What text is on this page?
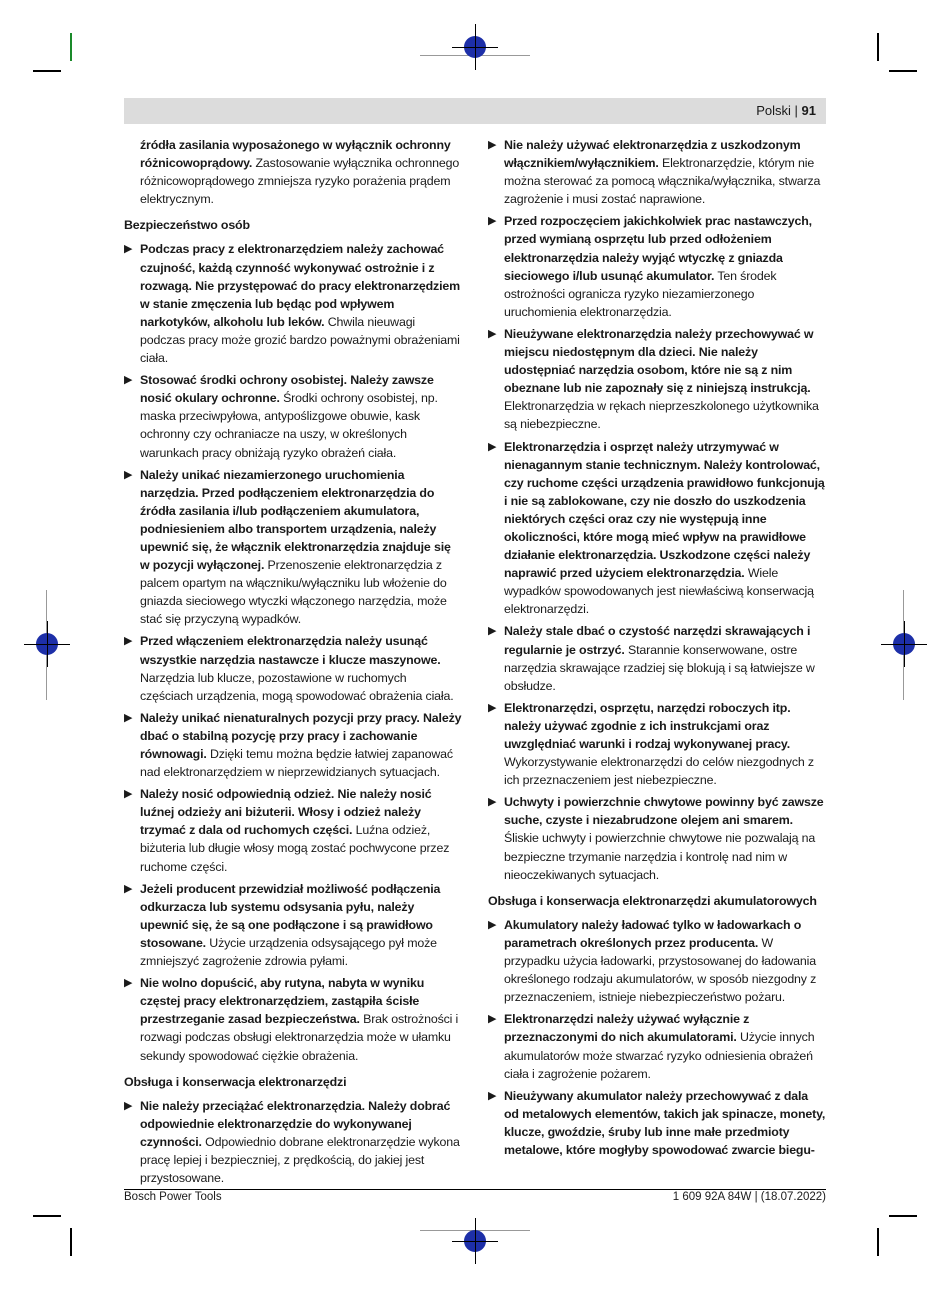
Polski | 91
źródła zasilania wyposażonego w wyłącznik ochronny różnicowoprądowy. Zastosowanie wyłącznika ochronnego różnicowoprądowego zmniejsza ryzyko porażenia prądem elektrycznym.
Bezpieczeństwo osób
▶ Podczas pracy z elektronarzędziem należy zachować czujność, każdą czynność wykonywać ostrożnie i z rozwagą. Nie przystępować do pracy elektronarzędziem w stanie zmęczenia lub będąc pod wpływem narkotyków, alkoholu lub leków. Chwila nieuwagi podczas pracy może grozić bardzo poważnymi obrażeniami ciała.
▶ Stosować środki ochrony osobistej. Należy zawsze nosić okulary ochronne. Środki ochrony osobistej, np. maska przeciwpyłowa, antypoślizgowe obuwie, kask ochronny czy ochraniacze na uszy, w określonych warunkach pracy obniżają ryzyko obrażeń ciała.
▶ Należy unikać niezamierzonego uruchomienia narzędzia. Przed podłączeniem elektronarzędzia do źródła zasilania i/lub podłączeniem akumulatora, podniesieniem albo transportem urządzenia, należy upewnić się, że włącznik elektronarzędzia znajduje się w pozycji wyłączonej. Przenoszenie elektronarzędzia z palcem opartym na włączniku/wyłączniku lub włożenie do gniazda sieciowego wtyczki włączonego narzędzia, może stać się przyczyną wypadków.
▶ Przed włączeniem elektronarzędzia należy usunąć wszystkie narzędzia nastawcze i klucze maszynowe. Narzędzia lub klucze, pozostawione w ruchomych częściach urządzenia, mogą spowodować obrażenia ciała.
▶ Należy unikać nienaturalnych pozycji przy pracy. Należy dbać o stabilną pozycję przy pracy i zachowanie równowagi. Dzięki temu można będzie łatwiej zapanować nad elektronarzędziem w nieprzewidzianych sytuacjach.
▶ Należy nosić odpowiednią odzież. Nie należy nosić luźnej odzieży ani biżuterii. Włosy i odzież należy trzymać z dala od ruchomych części. Luźna odzież, biżuteria lub długie włosy mogą zostać pochwycone przez ruchome części.
▶ Jeżeli producent przewidział możliwość podłączenia odkurzacza lub systemu odsysania pyłu, należy upewnić się, że są one podłączone i są prawidłowo stosowane. Użycie urządzenia odsysającego pył może zmniejszyć zagrożenie zdrowia pyłami.
▶ Nie wolno dopuścić, aby rutyna, nabyta w wyniku częstej pracy elektronarzędziem, zastąpiła ścisłe przestrzeganie zasad bezpieczeństwa. Brak ostrożności i rozwagi podczas obsługi elektronarzędzia może w ułamku sekundy spowodować ciężkie obrażenia.
Obsługa i konserwacja elektronarzędzi
▶ Nie należy przeciążać elektronarzędzia. Należy dobrać odpowiednie elektronarzędzie do wykonywanej czynności. Odpowiednio dobrane elektronarzędzie wykona pracę lepiej i bezpieczniej, z prędkością, do jakiej jest przystosowane.
▶ Nie należy używać elektronarzędzia z uszkodzonym włącznikiem/wyłącznikiem. Elektronarzędzie, którym nie można sterować za pomocą włącznika/wyłącznika, stwarza zagrożenie i musi zostać naprawione.
▶ Przed rozpoczęciem jakichkolwiek prac nastawczych, przed wymianą osprzętu lub przed odłożeniem elektronarzędzia należy wyjąć wtyczkę z gniazda sieciowego i/lub usunąć akumulator. Ten środek ostrożności ogranicza ryzyko niezamierzonego uruchomienia elektronarzędzia.
▶ Nieużywane elektronarzędzia należy przechowywać w miejscu niedostępnym dla dzieci. Nie należy udostępniać narzędzia osobom, które nie są z nim obeznane lub nie zapoznały się z niniejszą instrukcją. Elektronarzędzia w rękach nieprzeszkolonego użytkownika są niebezpieczne.
▶ Elektronarzędzia i osprzęt należy utrzymywać w nienagannym stanie technicznym. Należy kontrolować, czy ruchome części urządzenia prawidłowo funkcjonują i nie są zablokowane, czy nie doszło do uszkodzenia niektórych części oraz czy nie występują inne okoliczności, które mogą mieć wpływ na prawidłowe działanie elektronarzędzia. Uszkodzone części należy naprawić przed użyciem elektronarzędzia. Wiele wypadków spowodowanych jest niewłaściwą konserwacją elektronarzędzi.
▶ Należy stale dbać o czystość narzędzi skrawających i regularnie je ostrzyć. Starannie konserwowane, ostre narzędzia skrawające rzadziej się blokują i są łatwiejsze w obsłudze.
▶ Elektronarzędzi, osprzętu, narzędzi roboczych itp. należy używać zgodnie z ich instrukcjami oraz uwzględniać warunki i rodzaj wykonywanej pracy. Wykorzystywanie elektronarzędzi do celów niezgodnych z ich przeznaczeniem jest niebezpieczne.
▶ Uchwyty i powierzchnie chwytowe powinny być zawsze suche, czyste i niezabrudzone olejem ani smarem. Śliskie uchwyty i powierzchnie chwytowe nie pozwalają na bezpieczne trzymanie narzędzia i kontrolę nad nim w nieoczekiwanych sytuacjach.
Obsługa i konserwacja elektronarzędzi akumulatorowych
▶ Akumulatory należy ładować tylko w ładowarkach o parametrach określonych przez producenta. W przypadku użycia ładowarki, przystosowanej do ładowania określonego rodzaju akumulatorów, w sposób niezgodny z przeznaczeniem, istnieje niebezpieczeństwo pożaru.
▶ Elektronarzędzi należy używać wyłącznie z przeznaczonymi do nich akumulatorami. Użycie innych akumulatorów może stwarzać ryzyko odniesienia obrażeń ciała i zagrożenie pożarem.
▶ Nieużywany akumulator należy przechowywać z dala od metalowych elementów, takich jak spinacze, monety, klucze, gwoździe, śruby lub inne małe przedmioty metalowe, które mogłyby spowodować zwarcie biegu-
Bosch Power Tools	1 609 92A 84W | (18.07.2022)
